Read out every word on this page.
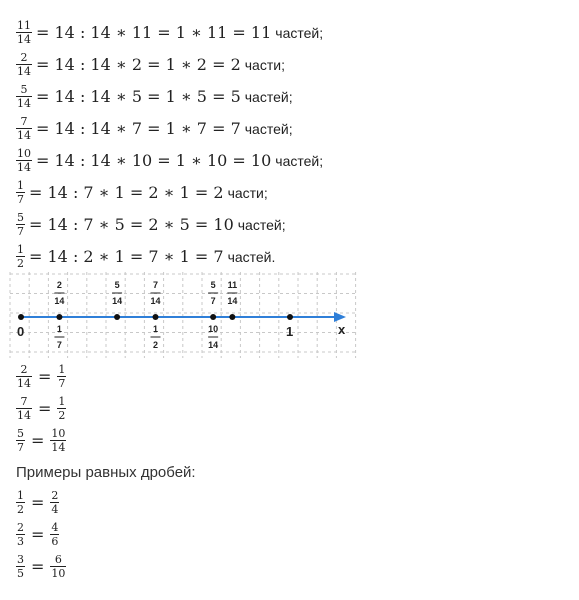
$\frac{11}{14} = 14$ : 14 ∗ 11 = 1 ∗ 11 = 11 частей;
$\frac{2}{14} = 14$ : 14 ∗ 2 = 1 ∗ 2 = 2 части;
$\frac{5}{14} = 14$ : 14 ∗ 5 = 1 ∗ 5 = 5 частей;
$\frac{7}{14} = 14$ : 14 ∗ 7 = 1 ∗ 7 = 7 частей;
$\frac{10}{14} = 14$ : 14 ∗ 10 = 1 ∗ 10 = 10 частей;
$\frac{1}{7} = 14$ : 7 ∗ 1 = 2 ∗ 1 = 2 части;
$\frac{5}{7} = 14$ : 7 ∗ 5 = 2 ∗ 5 = 10 частей;
$\frac{1}{2} = 14$ : 2 ∗ 1 = 7 ∗ 1 = 7 частей.
x
0	1
1
7
2
14
5
14
7
14
1
2
5
7
10
14
11
14
$\frac{2}{14} = \frac{1}{7}$
$\frac{7}{14} = \frac{1}{2}$
$\frac{5}{7} = \frac{10}{14}$
Примеры равных дробей:
$\frac{1}{2} = \frac{2}{4}$
$\frac{2}{3} = \frac{4}{6}$
$\frac{3}{5} = \frac{6}{10}$
